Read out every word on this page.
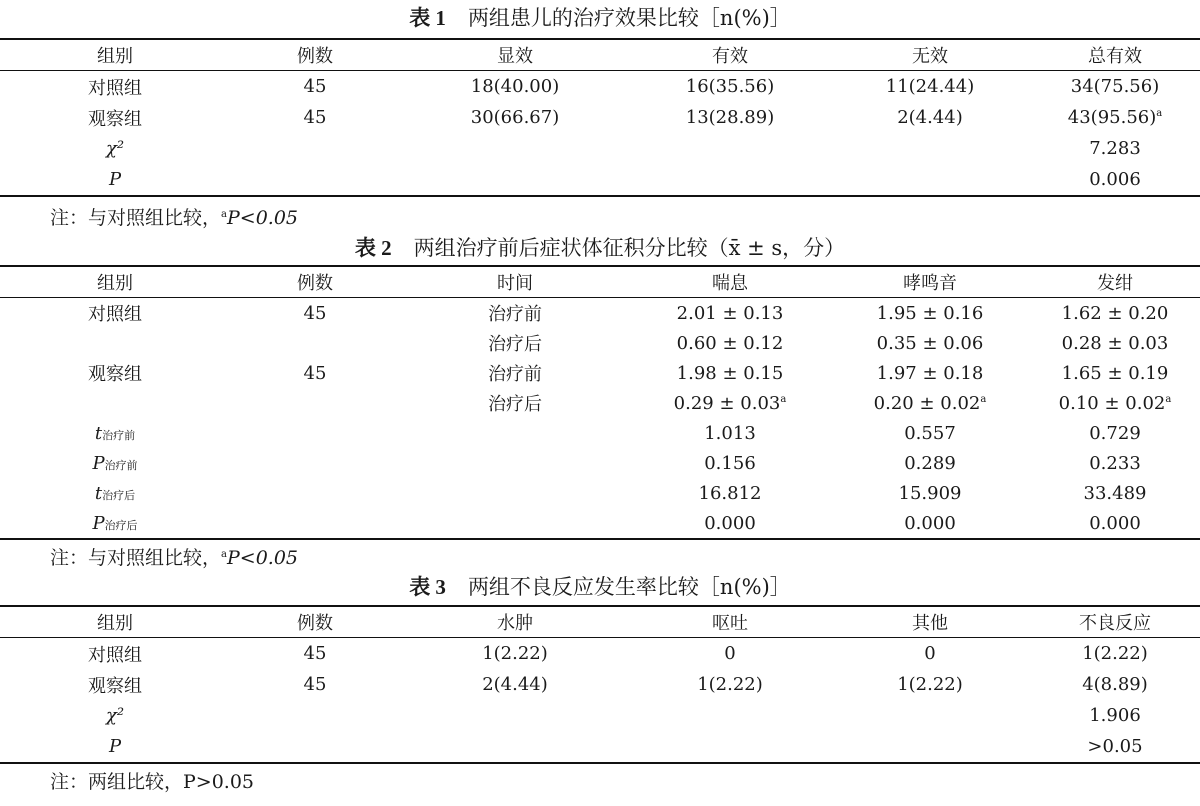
表 1 两组患儿的治疗效果比较［n(%)］
组别	例数	显效	有效	无效	总有效
对照组	45	18(40.00)	16(35.56)	11(24.44)	34(75.56)
观察组	45	30(66.67)	13(28.89)	2(4.44)	$43(95.56)^a$
χ²					7.283
P					0.006
注：与对照组比较，$^a$P<0.05
表 2 两组治疗前后症状体征积分比较（x̄ ± s，分）
组别	例数	时间	喘息	哮鸣音	发绀
对照组	45	治疗前	2.01 ± 0.13	1.95 ± 0.16	1.62 ± 0.20
		治疗后	0.60 ± 0.12	0.35 ± 0.06	0.28 ± 0.03
观察组	45	治疗前	1.98 ± 0.15	1.97 ± 0.18	1.65 ± 0.19
		治疗后	0.29 ± 0.03$^a$	0.20 ± 0.02$^a$	0.10 ± 0.02$^a$
t治疗前			1.013	0.557	0.729
P治疗前			0.156	0.289	0.233
t治疗后			16.812	15.909	33.489
P治疗后			0.000	0.000	0.000
注：与对照组比较，$^a$P<0.05
表 3 两组不良反应发生率比较［n(%)］
组别	例数	水肿	呕吐	其他	不良反应
对照组	45	1(2.22)	0	0	1(2.22)
观察组	45	2(4.44)	1(2.22)	1(2.22)	4(8.89)
χ²					1.906
P					>0.05
注：两组比较，P>0.05
